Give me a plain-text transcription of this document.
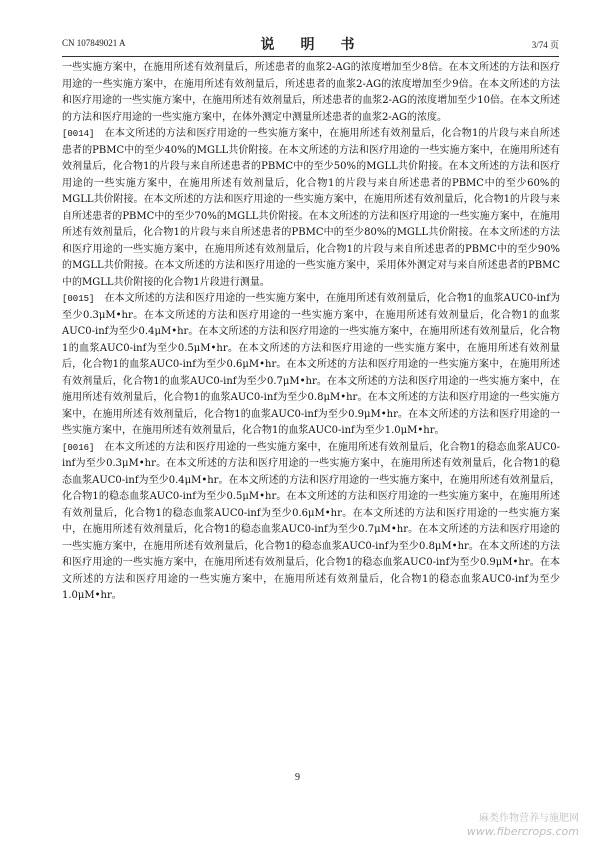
CN 107849021 A	说　明　书	3/74 页

一些实施方案中，在施用所述有效剂量后，所述患者的血浆2-AG的浓度增加至少8倍。在本文所述的方法和医疗用途的一些实施方案中，在施用所述有效剂量后，所述患者的血浆2-AG的浓度增加至少9倍。在本文所述的方法和医疗用途的一些实施方案中，在施用所述有效剂量后，所述患者的血浆2-AG的浓度增加至少10倍。在本文所述的方法和医疗用途的一些实施方案中，在体外测定中测量所述患者的血浆2-AG的浓度。

[0014] 在本文所述的方法和医疗用途的一些实施方案中，在施用所述有效剂量后，化合物1的片段与来自所述患者的PBMC中的至少40%的MGLL共价附接。在本文所述的方法和医疗用途的一些实施方案中，在施用所述有效剂量后，化合物1的片段与来自所述患者的PBMC中的至少50%的MGLL共价附接。在本文所述的方法和医疗用途的一些实施方案中，在施用所述有效剂量后，化合物1的片段与来自所述患者的PBMC中的至少60%的MGLL共价附接。在本文所述的方法和医疗用途的一些实施方案中，在施用所述有效剂量后，化合物1的片段与来自所述患者的PBMC中的至少70%的MGLL共价附接。在本文所述的方法和医疗用途的一些实施方案中，在施用所述有效剂量后，化合物1的片段与来自所述患者的PBMC中的至少80%的MGLL共价附接。在本文所述的方法和医疗用途的一些实施方案中，在施用所述有效剂量后，化合物1的片段与来自所述患者的PBMC中的至少90%的MGLL共价附接。在本文所述的方法和医疗用途的一些实施方案中，采用体外测定对与来自所述患者的PBMC中的MGLL共价附接的化合物1片段进行测量。

[0015] 在本文所述的方法和医疗用途的一些实施方案中，在施用所述有效剂量后，化合物1的血浆AUC0-inf为至少0.3μM•hr。在本文所述的方法和医疗用途的一些实施方案中，在施用所述有效剂量后，化合物1的血浆AUC0-inf为至少0.4μM•hr。在本文所述的方法和医疗用途的一些实施方案中，在施用所述有效剂量后，化合物1的血浆AUC0-inf为至少0.5μM•hr。在本文所述的方法和医疗用途的一些实施方案中，在施用所述有效剂量后，化合物1的血浆AUC0-inf为至少0.6μM•hr。在本文所述的方法和医疗用途的一些实施方案中，在施用所述有效剂量后，化合物1的血浆AUC0-inf为至少0.7μM•hr。在本文所述的方法和医疗用途的一些实施方案中，在施用所述有效剂量后，化合物1的血浆AUC0-inf为至少0.8μM•hr。在本文所述的方法和医疗用途的一些实施方案中，在施用所述有效剂量后，化合物1的血浆AUC0-inf为至少0.9μM•hr。在本文所述的方法和医疗用途的一些实施方案中，在施用所述有效剂量后，化合物1的血浆AUC0-inf为至少1.0μM•hr。

[0016] 在本文所述的方法和医疗用途的一些实施方案中，在施用所述有效剂量后，化合物1的稳态血浆AUC0-inf为至少0.3μM•hr。在本文所述的方法和医疗用途的一些实施方案中，在施用所述有效剂量后，化合物1的稳态血浆AUC0-inf为至少0.4μM•hr。在本文所述的方法和医疗用途的一些实施方案中，在施用所述有效剂量后，化合物1的稳态血浆AUC0-inf为至少0.5μM•hr。在本文所述的方法和医疗用途的一些实施方案中，在施用所述有效剂量后，化合物1的稳态血浆AUC0-inf为至少0.6μM•hr。在本文所述的方法和医疗用途的一些实施方案中，在施用所述有效剂量后，化合物1的稳态血浆AUC0-inf为至少0.7μM•hr。在本文所述的方法和医疗用途的一些实施方案中，在施用所述有效剂量后，化合物1的稳态血浆AUC0-inf为至少0.8μM•hr。在本文所述的方法和医疗用途的一些实施方案中，在施用所述有效剂量后，化合物1的稳态血浆AUC0-inf为至少0.9μM•hr。在本文所述的方法和医疗用途的一些实施方案中，在施用所述有效剂量后，化合物1的稳态血浆AUC0-inf为至少1.0μM•hr。

9
麻类作物营养与施肥网
www.fibercrops.com
